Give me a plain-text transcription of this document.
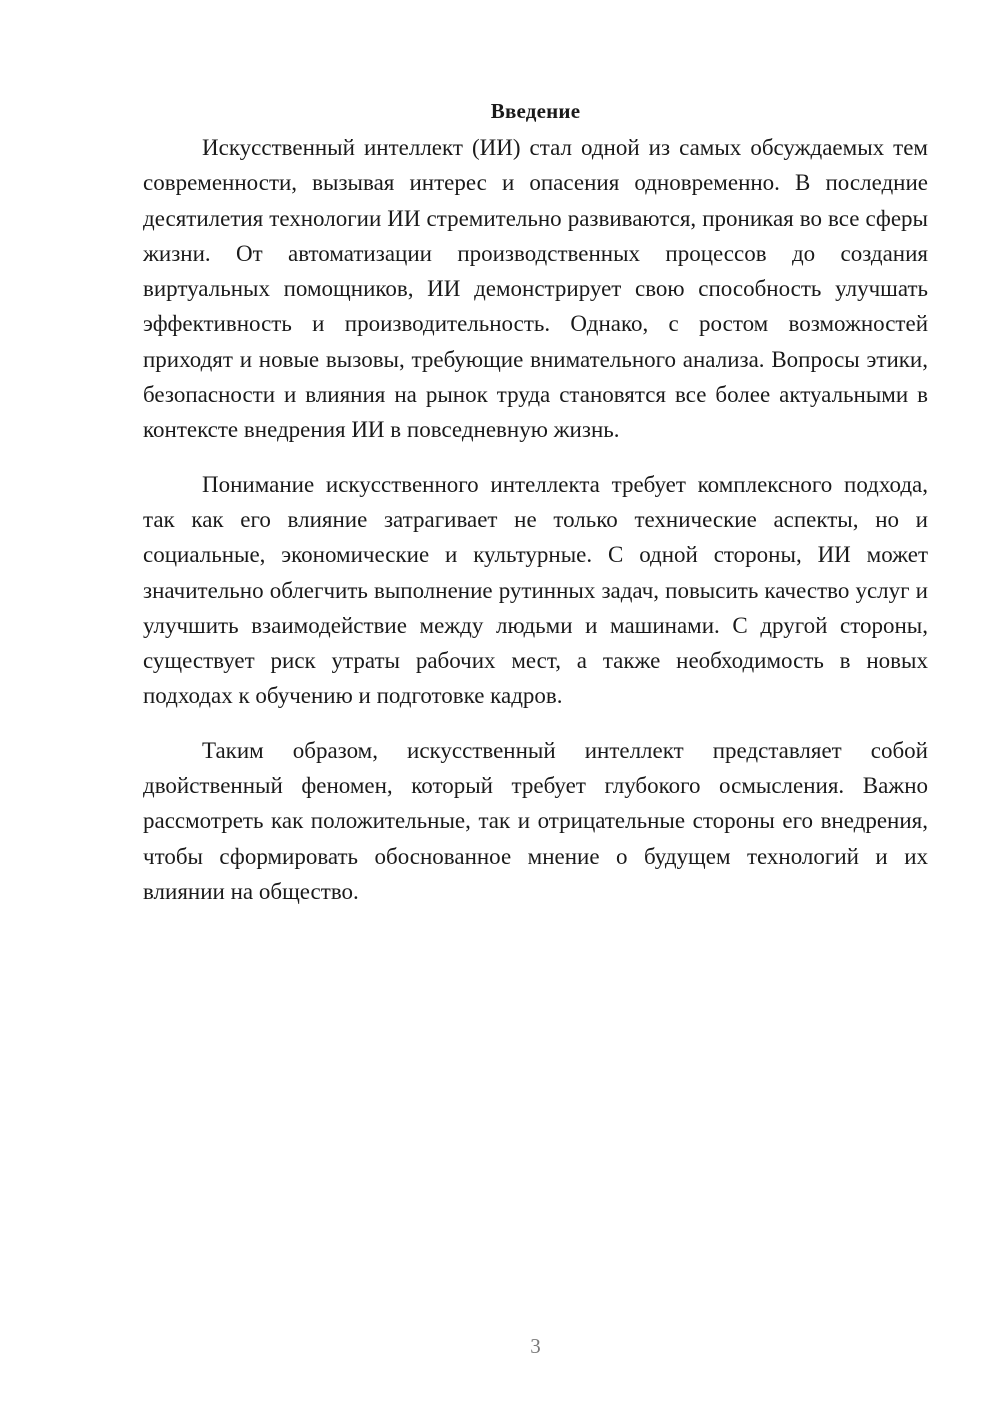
Введение

Искусственный интеллект (ИИ) стал одной из самых обсуждаемых тем современности, вызывая интерес и опасения одновременно. В последние десятилетия технологии ИИ стремительно развиваются, проникая во все сферы жизни. От автоматизации производственных процессов до создания виртуальных помощников, ИИ демонстрирует свою способность улучшать эффективность и производительность. Однако, с ростом возможностей приходят и новые вызовы, требующие внимательного анализа. Вопросы этики, безопасности и влияния на рынок труда становятся все более актуальными в контексте внедрения ИИ в повседневную жизнь.

Понимание искусственного интеллекта требует комплексного подхода, так как его влияние затрагивает не только технические аспекты, но и социальные, экономические и культурные. С одной стороны, ИИ может значительно облегчить выполнение рутинных задач, повысить качество услуг и улучшить взаимодействие между людьми и машинами. С другой стороны, существует риск утраты рабочих мест, а также необходимость в новых подходах к обучению и подготовке кадров.

Таким образом, искусственный интеллект представляет собой двойственный феномен, который требует глубокого осмысления. Важно рассмотреть как положительные, так и отрицательные стороны его внедрения, чтобы сформировать обоснованное мнение о будущем технологий и их влиянии на общество.

3
